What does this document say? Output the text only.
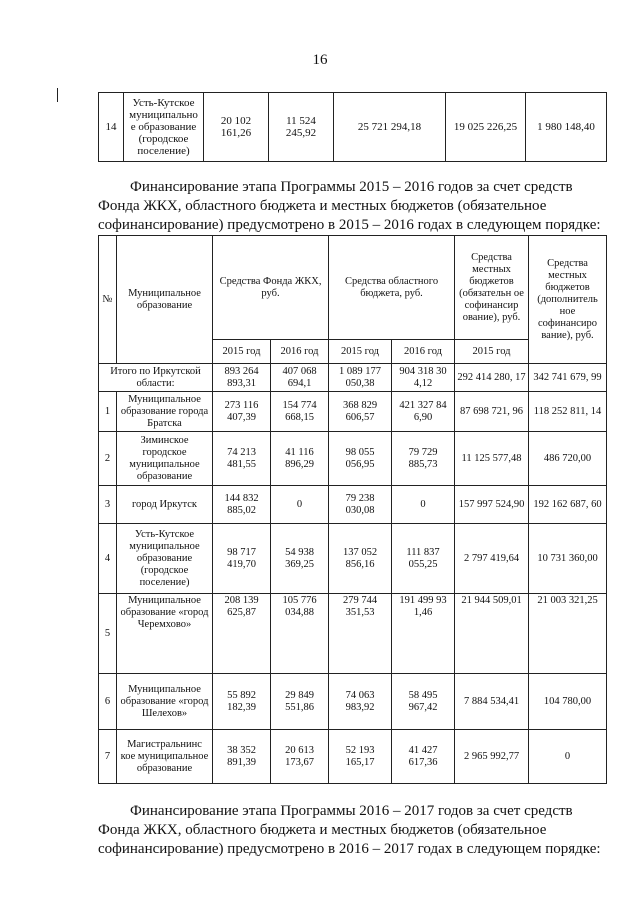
16
14	Усть-Кутское муниципально е образование (городское поселение)	20 102 161,26	11 524 245,92	25 721 294,18	19 025 226,25	1 980 148,40	

Финансирование этапа Программы 2015 – 2016 годов за счет средств
Фонда ЖКХ, областного бюджета и местных бюджетов (обязательное
софинансирование) предусмотрено в 2015 – 2016 годах в следующем порядке:

№	Муниципальное образование	Средства Фонда ЖКХ, руб.		Средства областного бюджета, руб.		Средства местных бюджетов (обязательн ое софинансир ование), руб.	Средства местных бюджетов (дополнитель ное софинансиро вание), руб.
		2015 год	2016 год	2015 год	2016 год	2015 год	
Итого по Иркутской области:		893 264 893,31	407 068 694,1	1 089 177 050,38	904 318 30 4,12	292 414 280, 17	342 741 679, 99
1	Муниципальное образование города Братска	273 116 407,39	154 774 668,15	368 829 606,57	421 327 84 6,90	87 698 721, 96	118 252 811, 14
2	Зиминское городское муниципальное образование	74 213 481,55	41 116 896,29	98 055 056,95	79 729 885,73	11 125 577,48	486 720,00
3	город Иркутск	144 832 885,02	0	79 238 030,08	0	157 997 524,90	192 162 687, 60
4	Усть-Кутское муниципальное образование (городское поселение)	98 717 419,70	54 938 369,25	137 052 856,16	111 837 055,25	2 797 419,64	10 731 360,00
5	Муниципальное образование «город Черемхово»	208 139 625,87	105 776 034,88	279 744 351,53	191 499 93 1,46	21 944 509,01	21 003 321,25
6	Муниципальное образование «город Шелехов»	55 892 182,39	29 849 551,86	74 063 983,92	58 495 967,42	7 884 534,41	104 780,00
7	Магистральнинс кое муниципальное образование	38 352 891,39	20 613 173,67	52 193 165,17	41 427 617,36	2 965 992,77	0

Финансирование этапа Программы 2016 – 2017 годов за счет средств
Фонда ЖКХ, областного бюджета и местных бюджетов (обязательное
софинансирование) предусмотрено в 2016 – 2017 годах в следующем порядке:
